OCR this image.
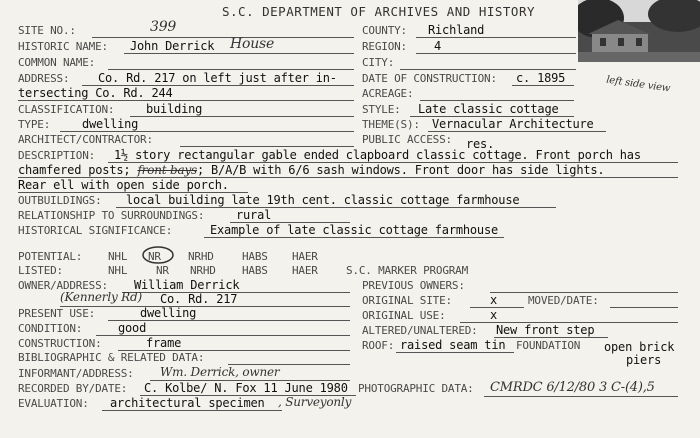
S.C. DEPARTMENT OF ARCHIVES AND HISTORY
left side view
SITE NO.:	399
HISTORIC NAME: John Derrick House
COMMON NAME:
ADDRESS: Co. Rd. 217 on left just after in-
tersecting Co. Rd. 244
CLASSIFICATION:	building
TYPE:	dwelling
ARCHITECT/CONTRACTOR:
COUNTY: Richland
REGION: 4
CITY:
DATE OF CONSTRUCTION: c. 1895
ACREAGE:
STYLE: Late classic cottage
THEME(S): Vernacular Architecture
PUBLIC ACCESS: res.
DESCRIPTION: 1½ story rectangular gable ended clapboard classic cottage. Front porch has
chamfered posts; front bays; B/A/B with 6/6 sash windows. Front door has side lights.
Rear ell with open side porch.
OUTBUILDINGS: local building late 19th cent. classic cottage farmhouse
RELATIONSHIP TO SURROUNDINGS:	rural
HISTORICAL SIGNIFICANCE:	Example of late classic cottage farmhouse
POTENTIAL: NHL NR NRHD	HABS HAER
LISTED:	NHL	NR NRHD HABS HAER	S.C. MARKER PROGRAM
OWNER/ADDRESS: William Derrick
(Kennerly Rd) Co. Rd. 217
PREVIOUS OWNERS:
ORIGINAL SITE:	x	MOVED/DATE:
PRESENT USE:	dwelling	ORIGINAL USE:	x
CONDITION:	good	ALTERED/UNALTERED: New front step
CONSTRUCTION:	frame	ROOF: raised seam tin FOUNDATION open brick
piers
BIBLIOGRAPHIC & RELATED DATA:
INFORMANT/ADDRESS: Wm. Derrick, owner
RECORDED BY/DATE: C. Kolbe/ N. Fox 11 June 1980 PHOTOGRAPHIC DATA: CMRDC 6/12/80 3 C-(4),5
EVALUATION: architectural specimen , Surveyonly
